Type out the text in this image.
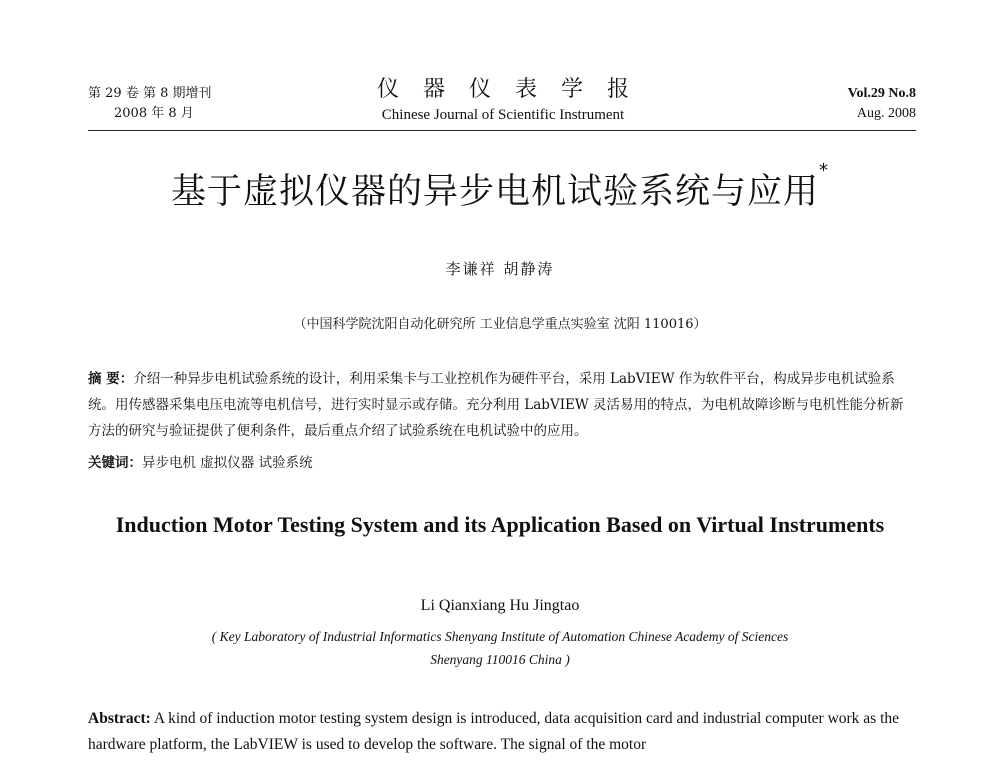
第 29 卷 第 8 期增刊
2008 年 8 月
仪器仪表学报
Chinese Journal of Scientific Instrument
Vol.29 No.8
Aug. 2008
基于虚拟仪器的异步电机试验系统与应用*
李谦祥 胡静涛
（中国科学院沈阳自动化研究所 工业信息学重点实验室 沈阳 110016）
摘 要：介绍一种异步电机试验系统的设计，利用采集卡与工业控机作为硬件平台，采用 LabVIEW 作为软件平台，构成异步电机试验系统。用传感器采集电压电流等电机信号，进行实时显示或存储。充分利用 LabVIEW 灵活易用的特点，为电机故障诊断与电机性能分析新方法的研究与验证提供了便利条件，最后重点介绍了试验系统在电机试验中的应用。
关键词：异步电机 虚拟仪器 试验系统
Induction Motor Testing System and its Application Based on Virtual Instruments
Li Qianxiang Hu Jingtao
( Key Laboratory of Industrial Informatics Shenyang Institute of Automation Chinese Academy of Sciences
Shenyang 110016 China )
Abstract: A kind of induction motor testing system design is introduced, data acquisition card and industrial computer work as the hardware platform, the LabVIEW is used to develop the software. The signal of the motor
